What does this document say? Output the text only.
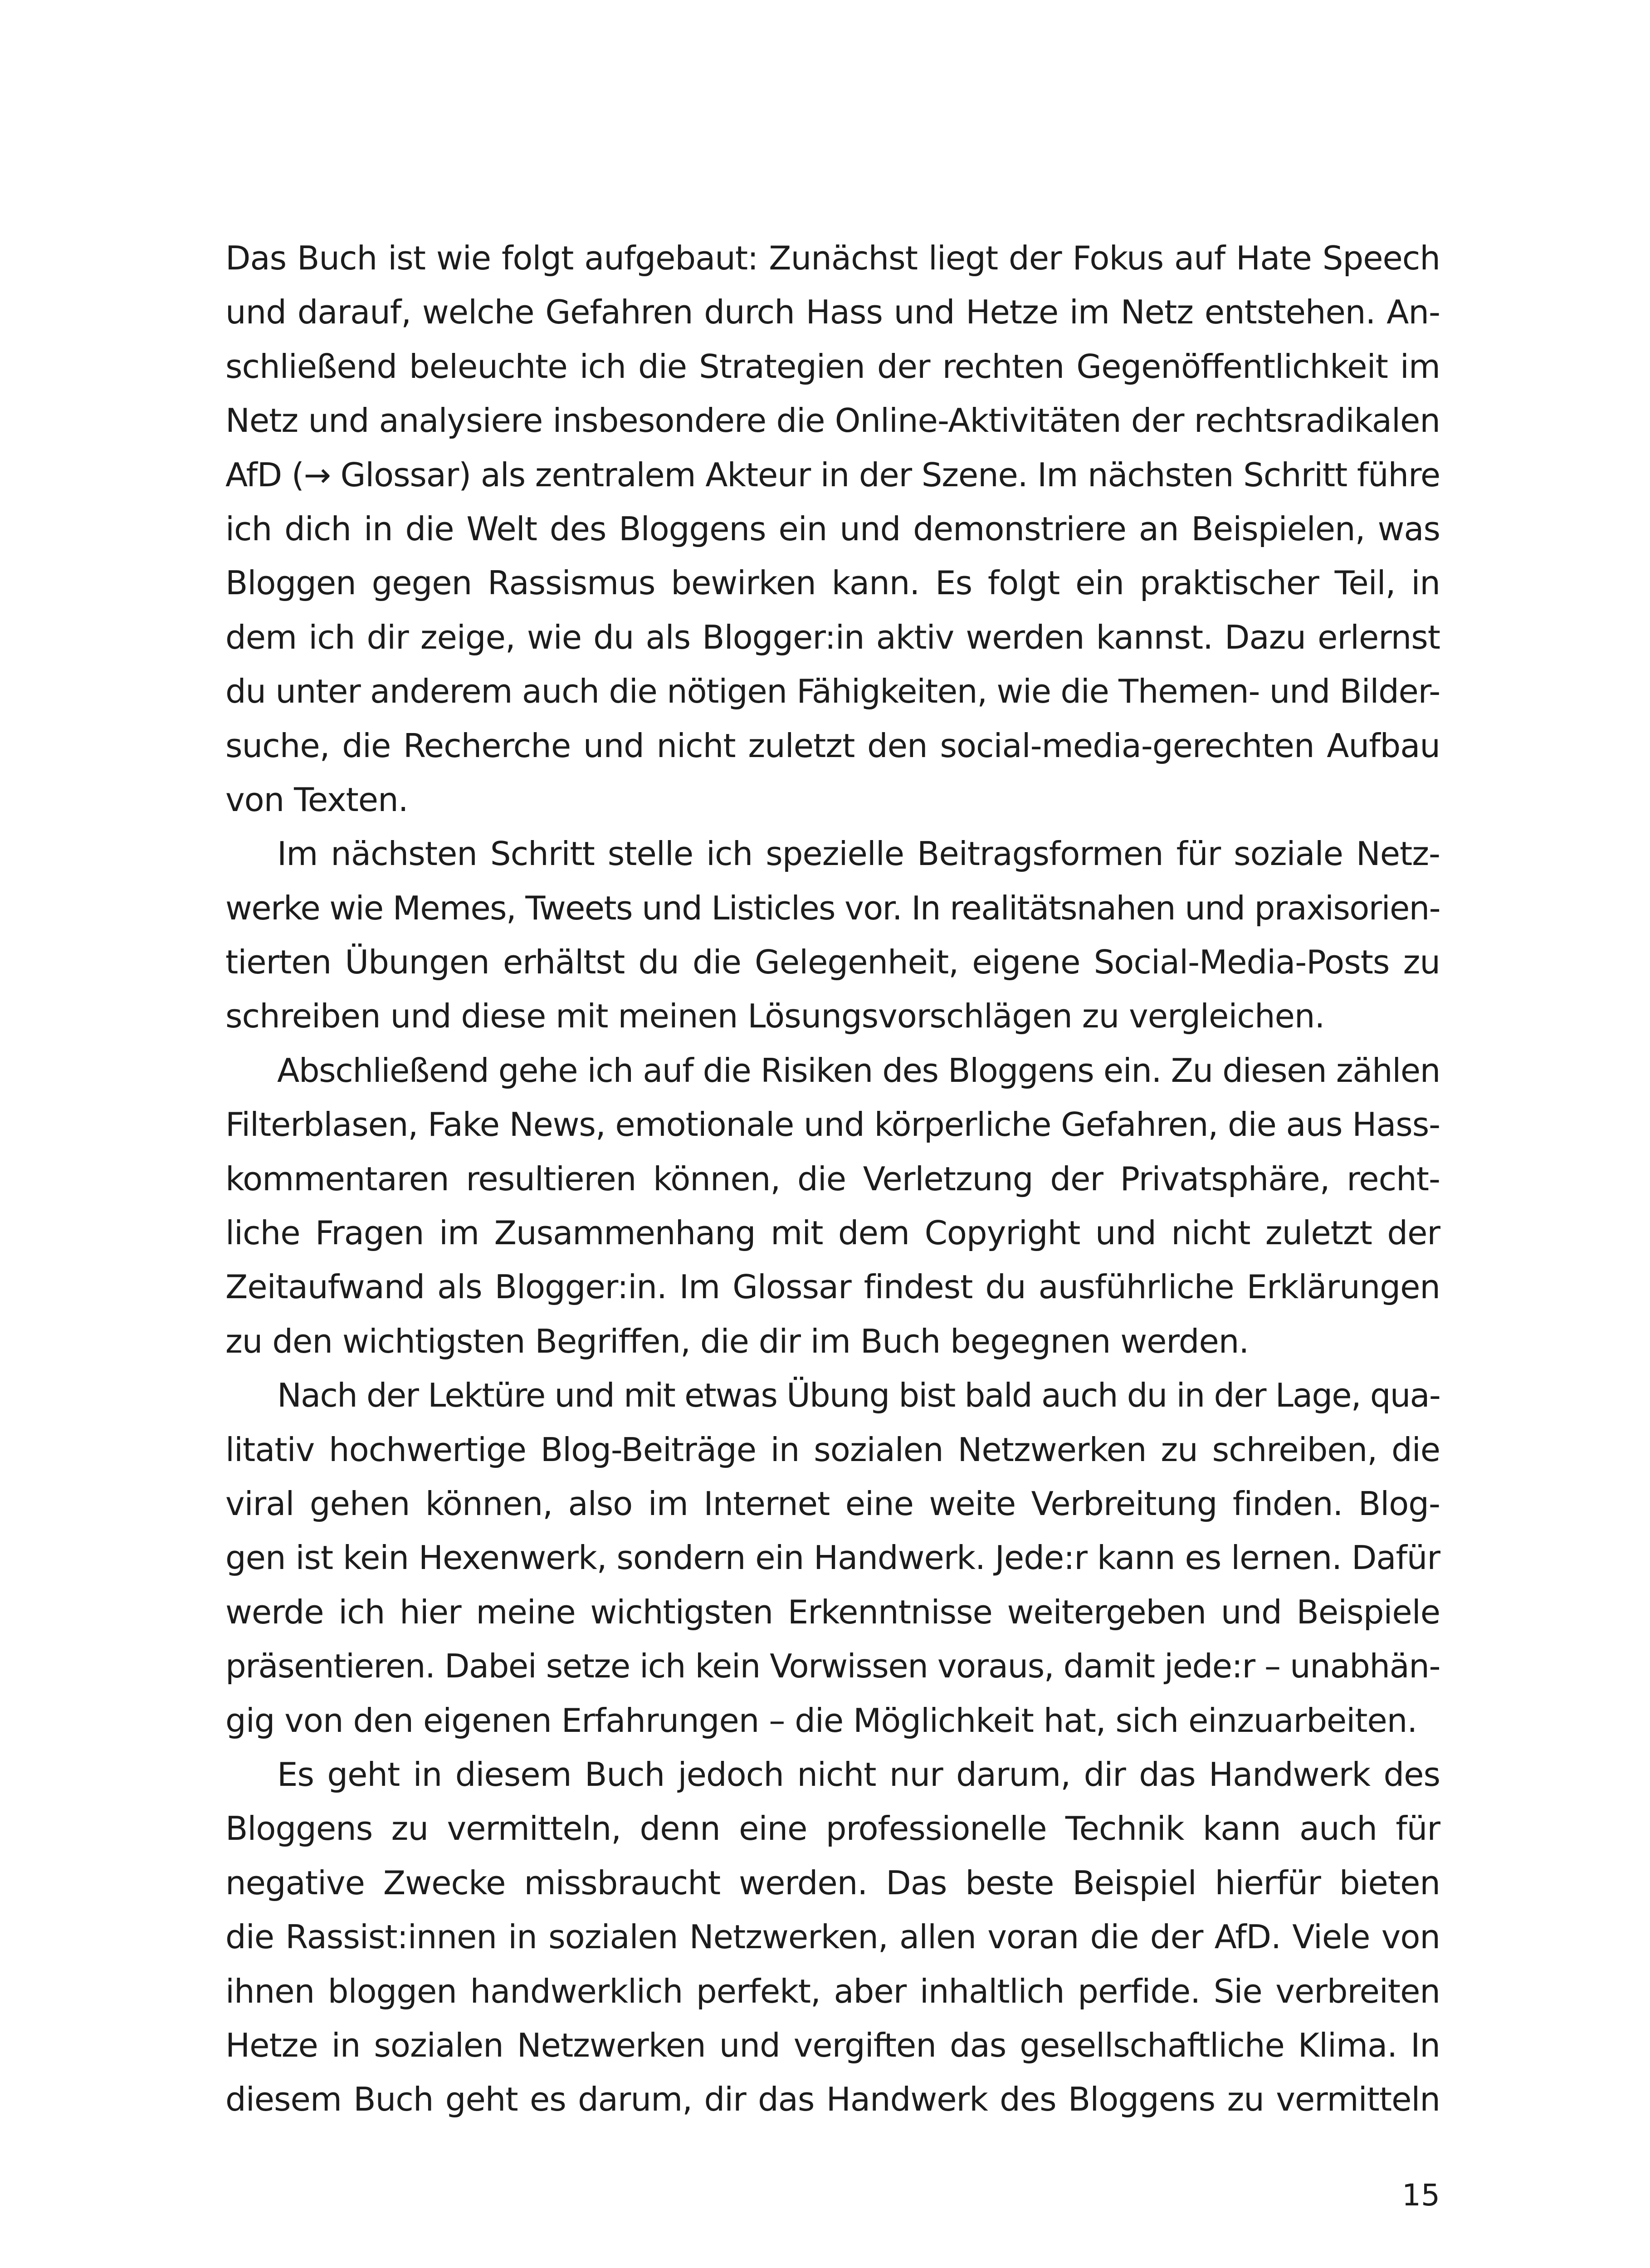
Das Buch ist wie folgt aufgebaut: Zunächst liegt der Fokus auf Hate Speech
und darauf, welche Gefahren durch Hass und Hetze im Netz entstehen. An-
schließend beleuchte ich die Strategien der rechten Gegenöffentlichkeit im
Netz und analysiere insbesondere die Online-Aktivitäten der rechtsradikalen
AfD (→ Glossar) als zentralem Akteur in der Szene. Im nächsten Schritt führe
ich dich in die Welt des Bloggens ein und demonstriere an Beispielen, was
Bloggen gegen Rassismus bewirken kann. Es folgt ein praktischer Teil, in
dem ich dir zeige, wie du als Blogger:in aktiv werden kannst. Dazu erlernst
du unter anderem auch die nötigen Fähigkeiten, wie die Themen- und Bilder-
suche, die Recherche und nicht zuletzt den social-media-gerechten Aufbau
von Texten.
Im nächsten Schritt stelle ich spezielle Beitragsformen für soziale Netz-
werke wie Memes, Tweets und Listicles vor. In realitätsnahen und praxisorien-
tierten Übungen erhältst du die Gelegenheit, eigene Social-Media-Posts zu
schreiben und diese mit meinen Lösungsvorschlägen zu vergleichen.
Abschließend gehe ich auf die Risiken des Bloggens ein. Zu diesen zählen
Filterblasen, Fake News, emotionale und körperliche Gefahren, die aus Hass-
kommentaren resultieren können, die Verletzung der Privatsphäre, recht-
liche Fragen im Zusammenhang mit dem Copyright und nicht zuletzt der
Zeitaufwand als Blogger:in. Im Glossar findest du ausführliche Erklärungen
zu den wichtigsten Begriffen, die dir im Buch begegnen werden.
Nach der Lektüre und mit etwas Übung bist bald auch du in der Lage, qua-
litativ hochwertige Blog-Beiträge in sozialen Netzwerken zu schreiben, die
viral gehen können, also im Internet eine weite Verbreitung finden. Blog-
gen ist kein Hexenwerk, sondern ein Handwerk. Jede:r kann es lernen. Dafür
werde ich hier meine wichtigsten Erkenntnisse weitergeben und Beispiele
präsentieren. Dabei setze ich kein Vorwissen voraus, damit jede:r – unabhän-
gig von den eigenen Erfahrungen – die Möglichkeit hat, sich einzuarbeiten.
Es geht in diesem Buch jedoch nicht nur darum, dir das Handwerk des
Bloggens zu vermitteln, denn eine professionelle Technik kann auch für
negative Zwecke missbraucht werden. Das beste Beispiel hierfür bieten
die Rassist:innen in sozialen Netzwerken, allen voran die der AfD. Viele von
ihnen bloggen handwerklich perfekt, aber inhaltlich perfide. Sie verbreiten
Hetze in sozialen Netzwerken und vergiften das gesellschaftliche Klima. In
diesem Buch geht es darum, dir das Handwerk des Bloggens zu vermitteln
15
